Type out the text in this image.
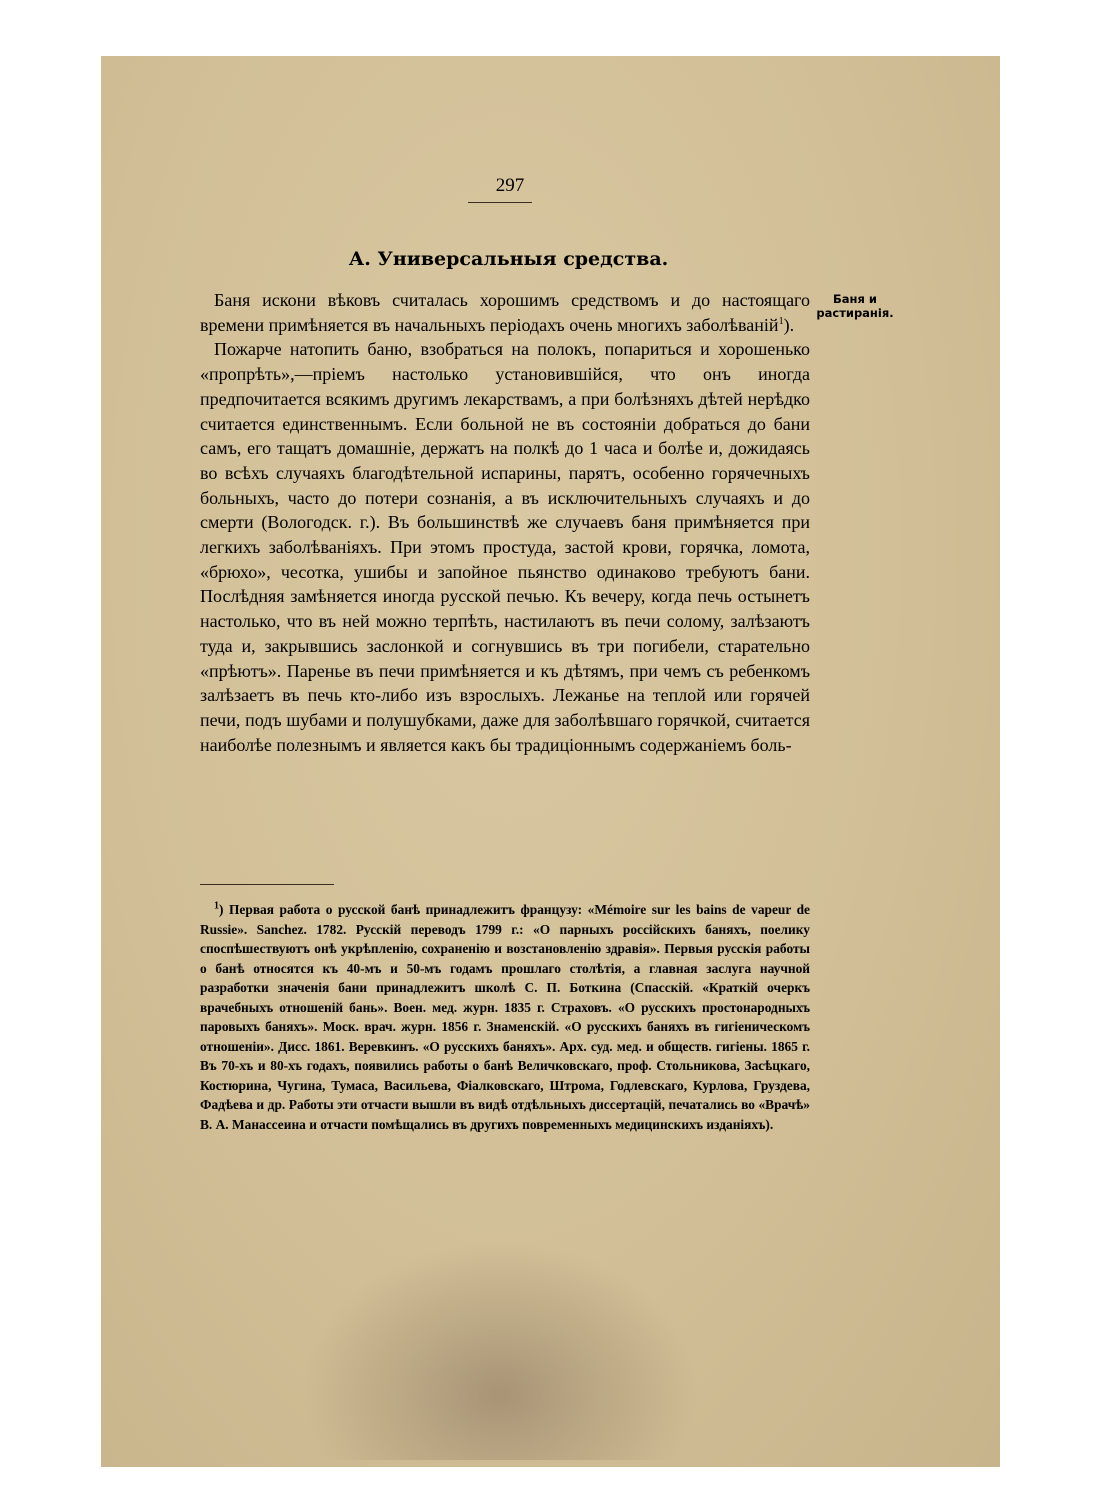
297
А. Универсальныя средства.
Баня и растиранія.

Баня искони вѣковъ считалась хорошимъ средствомъ и до настоящаго времени примѣняется въ начальныхъ періодахъ очень многихъ заболѣваній$^1$).

Пожарче натопить баню, взобраться на полокъ, попариться и хорошенько «пропрѣть»,—пріемъ настолько установившійся, что онъ иногда предпочитается всякимъ другимъ лекарствамъ, а при болѣзняхъ дѣтей нерѣдко считается единственнымъ. Если больной не въ состояніи добраться до бани самъ, его тащатъ домашніе, держатъ на полкѣ до 1 часа и болѣе и, дожидаясь во всѣхъ случаяхъ благодѣтельной испарины, парятъ, особенно горячечныхъ больныхъ, часто до потери сознанія, а въ исключительныхъ случаяхъ и до смерти (Вологодск. г.). Въ большинствѣ же случаевъ баня примѣняется при легкихъ заболѣваніяхъ. При этомъ простуда, застой крови, горячка, ломота, «брюхо», чесотка, ушибы и запойное пьянство одинаково требуютъ бани. Послѣдняя замѣняется иногда русской печью. Къ вечеру, когда печь остынетъ настолько, что въ ней можно терпѣть, настилаютъ въ печи солому, залѣзаютъ туда и, закрывшись заслонкой и согнувшись въ три погибели, старательно «прѣютъ». Паренье въ печи примѣняется и къ дѣтямъ, при чемъ съ ребенкомъ залѣзаетъ въ печь кто-либо изъ взрослыхъ. Лежанье на теплой или горячей печи, подъ шубами и полушубками, даже для заболѣвшаго горячкой, считается наиболѣе полезнымъ и является какъ бы традиціоннымъ содержаніемъ боль-

$^1$) Первая работа о русской банѣ принадлежитъ французу: «Mémoire sur les bains de vapeur de Russie». Sanchez. 1782. Русскій переводъ 1799 г.: «О парныхъ россійскихъ баняхъ, поелику споспѣшествуютъ онѣ укрѣпленію, сохраненію и возстановленію здравія». Первыя русскія работы о банѣ относятся къ 40-мъ и 50-мъ годамъ прошлаго столѣтія, а главная заслуга научной разработки значенія бани принадлежитъ школѣ С. П. Боткина (Спасскій. «Краткій очеркъ врачебныхъ отношеній бань». Воен. мед. журн. 1835 г. Страховъ. «О русскихъ простонародныхъ паровыхъ баняхъ». Моск. врач. журн. 1856 г. Знаменскій. «О русскихъ баняхъ въ гигіеническомъ отношеніи». Дисс. 1861. Веревкинъ. «О русскихъ баняхъ». Арх. суд. мед. и обществ. гигіены. 1865 г. Въ 70-хъ и 80-хъ годахъ, появились работы о банѣ Величковскаго, проф. Стольникова, Засѣцкаго, Костюрина, Чугина, Тумаса, Васильева, Фіалковскаго, Штрома, Годлевскаго, Курлова, Груздева, Фадѣева и др. Работы эти отчасти вышли въ видѣ отдѣльныхъ диссертацій, печатались во «Врачѣ» В. А. Манассеина и отчасти помѣщались въ другихъ повременныхъ медицинскихъ изданіяхъ).
